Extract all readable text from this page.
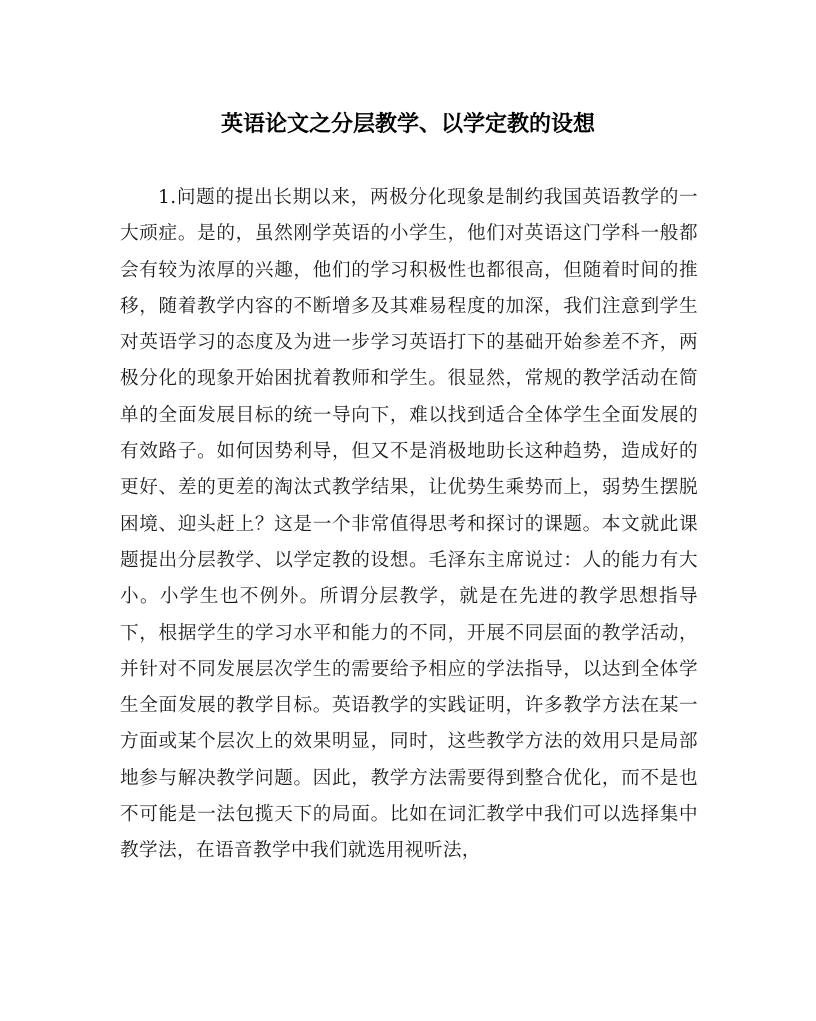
英语论文之分层教学、以学定教的设想

1.问题的提出长期以来，两极分化现象是制约我国英语教学的一大顽症。是的，虽然刚学英语的小学生，他们对英语这门学科一般都会有较为浓厚的兴趣，他们的学习积极性也都很高，但随着时间的推移，随着教学内容的不断增多及其难易程度的加深，我们注意到学生对英语学习的态度及为进一步学习英语打下的基础开始参差不齐，两极分化的现象开始困扰着教师和学生。很显然，常规的教学活动在简单的全面发展目标的统一导向下，难以找到适合全体学生全面发展的有效路子。如何因势利导，但又不是消极地助长这种趋势，造成好的更好、差的更差的淘汰式教学结果，让优势生乘势而上，弱势生摆脱困境、迎头赶上？这是一个非常值得思考和探讨的课题。本文就此课题提出分层教学、以学定教的设想。毛泽东主席说过：人的能力有大小。小学生也不例外。所谓分层教学，就是在先进的教学思想指导下，根据学生的学习水平和能力的不同，开展不同层面的教学活动，并针对不同发展层次学生的需要给予相应的学法指导，以达到全体学生全面发展的教学目标。英语教学的实践证明，许多教学方法在某一方面或某个层次上的效果明显，同时，这些教学方法的效用只是局部地参与解决教学问题。因此，教学方法需要得到整合优化，而不是也不可能是一法包揽天下的局面。比如在词汇教学中我们可以选择集中教学法，在语音教学中我们就选用视听法，
